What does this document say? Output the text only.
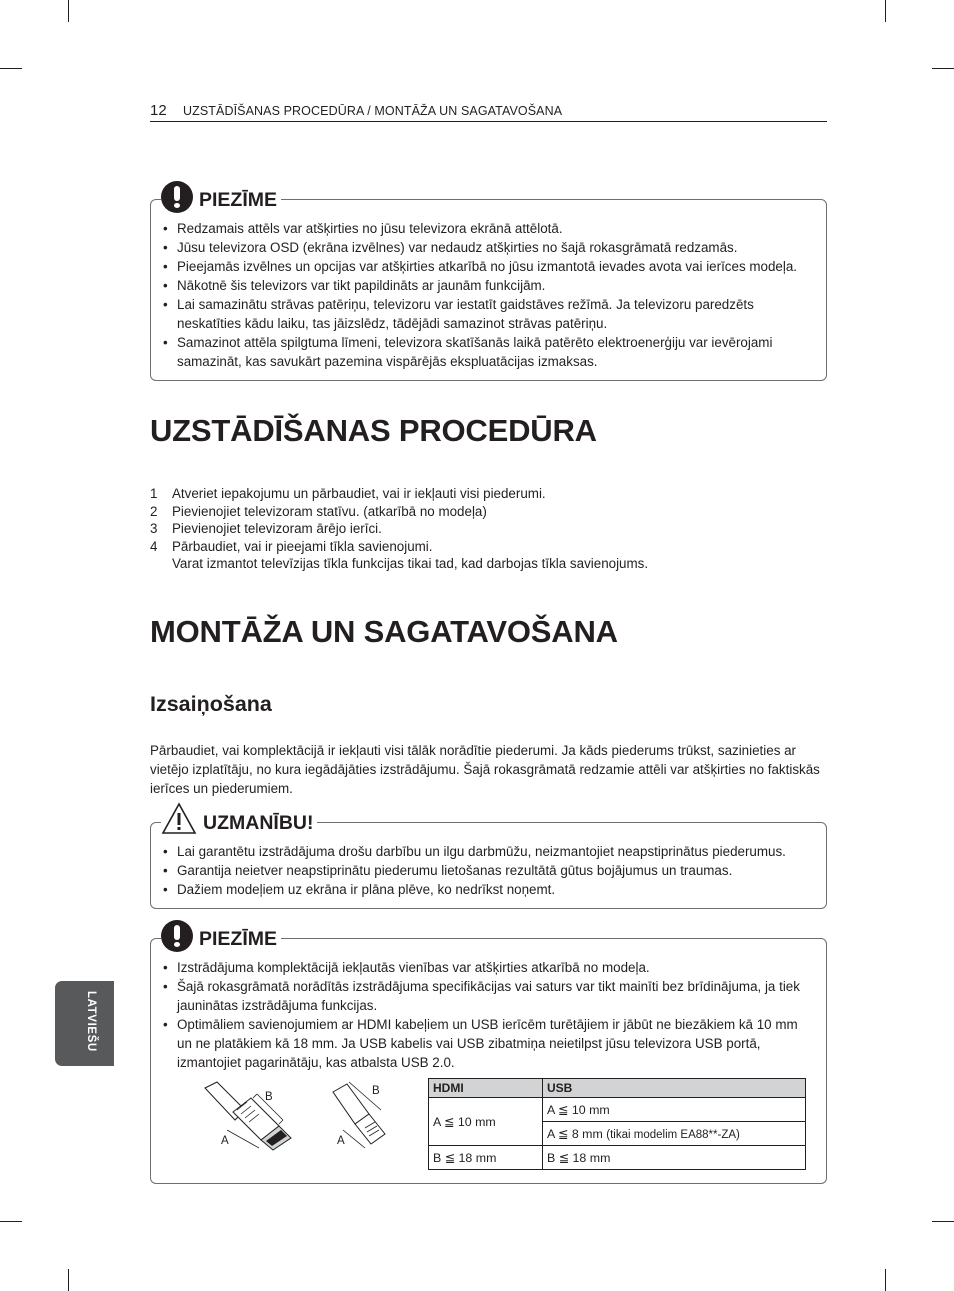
12 UZSTĀDĪŠANAS PROCEDŪRA / MONTĀŽA UN SAGATAVOŠANA
PIEZĪME
• Redzamais attēls var atšķirties no jūsu televizora ekrānā attēlotā.
• Jūsu televizora OSD (ekrāna izvēlnes) var nedaudz atšķirties no šajā rokasgrāmatā redzamās.
• Pieejamās izvēlnes un opcijas var atšķirties atkarībā no jūsu izmantotā ievades avota vai ierīces modeļa.
• Nākotnē šis televizors var tikt papildināts ar jaunām funkcijām.
• Lai samazinātu strāvas patēriņu, televizoru var iestatīt gaidstāves režīmā. Ja televizoru paredzēts neskatīties kādu laiku, tas jāizslēdz, tādējādi samazinot strāvas patēriņu.
• Samazinot attēla spilgtuma līmeni, televizora skatīšanās laikā patērēto elektroenerģiju var ievērojami samazināt, kas savukārt pazemina vispārējās ekspluatācijas izmaksas.
UZSTĀDĪŠANAS PROCEDŪRA
1 Atveriet iepakojumu un pārbaudiet, vai ir iekļauti visi piederumi.
2 Pievienojiet televizoram statīvu. (atkarībā no modeļa)
3 Pievienojiet televizoram ārējo ierīci.
4 Pārbaudiet, vai ir pieejami tīkla savienojumi.
Varat izmantot televīzijas tīkla funkcijas tikai tad, kad darbojas tīkla savienojums.
MONTĀŽA UN SAGATAVOŠANA
Izsaiņošana

Pārbaudiet, vai komplektācijā ir iekļauti visi tālāk norādītie piederumi. Ja kāds piederums trūkst, sazinieties ar vietējo izplatītāju, no kura iegādājāties izstrādājumu. Šajā rokasgrāmatā redzamie attēli var atšķirties no faktiskās ierīces un piederumiem.

UZMANĪBU!
• Lai garantētu izstrādājuma drošu darbību un ilgu darbmūžu, neizmantojiet neapstiprinātus piederumus.
• Garantija neietver neapstiprinātu piederumu lietošanas rezultātā gūtus bojājumus un traumas.
• Dažiem modeļiem uz ekrāna ir plāna plēve, ko nedrīkst noņemt.
PIEZĪME
• Izstrādājuma komplektācijā iekļautās vienības var atšķirties atkarībā no modeļa.
• Šajā rokasgrāmatā norādītās izstrādājuma specifikācijas vai saturs var tikt mainīti bez brīdinājuma, ja tiek jauninātas izstrādājuma funkcijas.
• Optimāliem savienojumiem ar HDMI kabeļiem un USB ierīcēm turētājiem ir jābūt ne biezākiem kā 10 mm un ne platākiem kā 18 mm. Ja USB kabelis vai USB zibatmiņa neietilpst jūsu televizora USB portā, izmantojiet pagarinātāju, kas atbalsta USB 2.0.
B
A
B
A
HDMI	USB
A ≦ 10 mm	A ≦ 10 mm
	A ≦ 8 mm (tikai modelim EA88**-ZA)
B ≦ 18 mm	B ≦ 18 mm
LATVIEŠU
